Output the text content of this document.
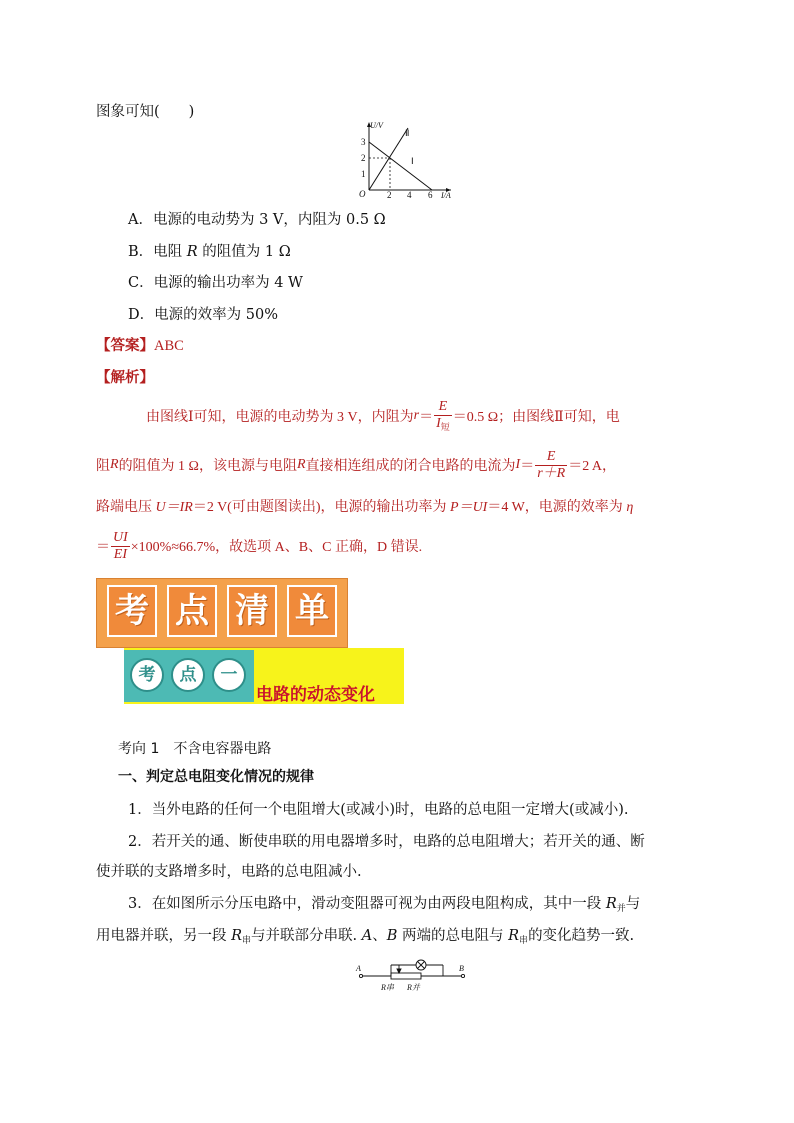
图象可知(　　)
U/V
3
2
1
O 2 4 6 I/A
Ⅱ
Ⅰ
A．电源的电动势为 3 V，内阻为 0.5 Ω
B．电阻 R 的阻值为 1 Ω
C．电源的输出功率为 4 W
D．电源的效率为 50%
【答案】ABC
【解析】
由图线Ⅰ可知，电源的电动势为 3 V，内阻为 $r = \frac{E}{I_短} =0.5$ Ω；由图线Ⅱ可知，电
阻 R 的阻值为 1 Ω，该电源与电阻 R 直接相连组成的闭合电路的电流为 $I = \frac{E}{r+R} =2$ A，
路端电压 U＝IR＝2 V(可由题图读出)，电源的输出功率为 P＝UI＝4 W，电源的效率为 η
＝ $\frac{UI}{EI} \times 100\%\approx 66.7\%$，故选项 A、B、C 正确，D 错误.
考 点 清 单
考	点	一
电路的动态变化
考向 1　不含电容器电路
一、判定总电阻变化情况的规律
1．当外电路的任何一个电阻增大(或减小)时，电路的总电阻一定增大(或减小).
2．若开关的通、断使串联的用电器增多时，电路的总电阻增大；若开关的通、断
使并联的支路增多时，电路的总电阻减小.
3．在如图所示分压电路中，滑动变阻器可视为由两段电阻构成，其中一段 $R_并$与
用电器并联，另一段 $R_串$与并联部分串联. A、B 两端的总电阻与 $R_串$的变化趋势一致.
A	B
R串 R并
